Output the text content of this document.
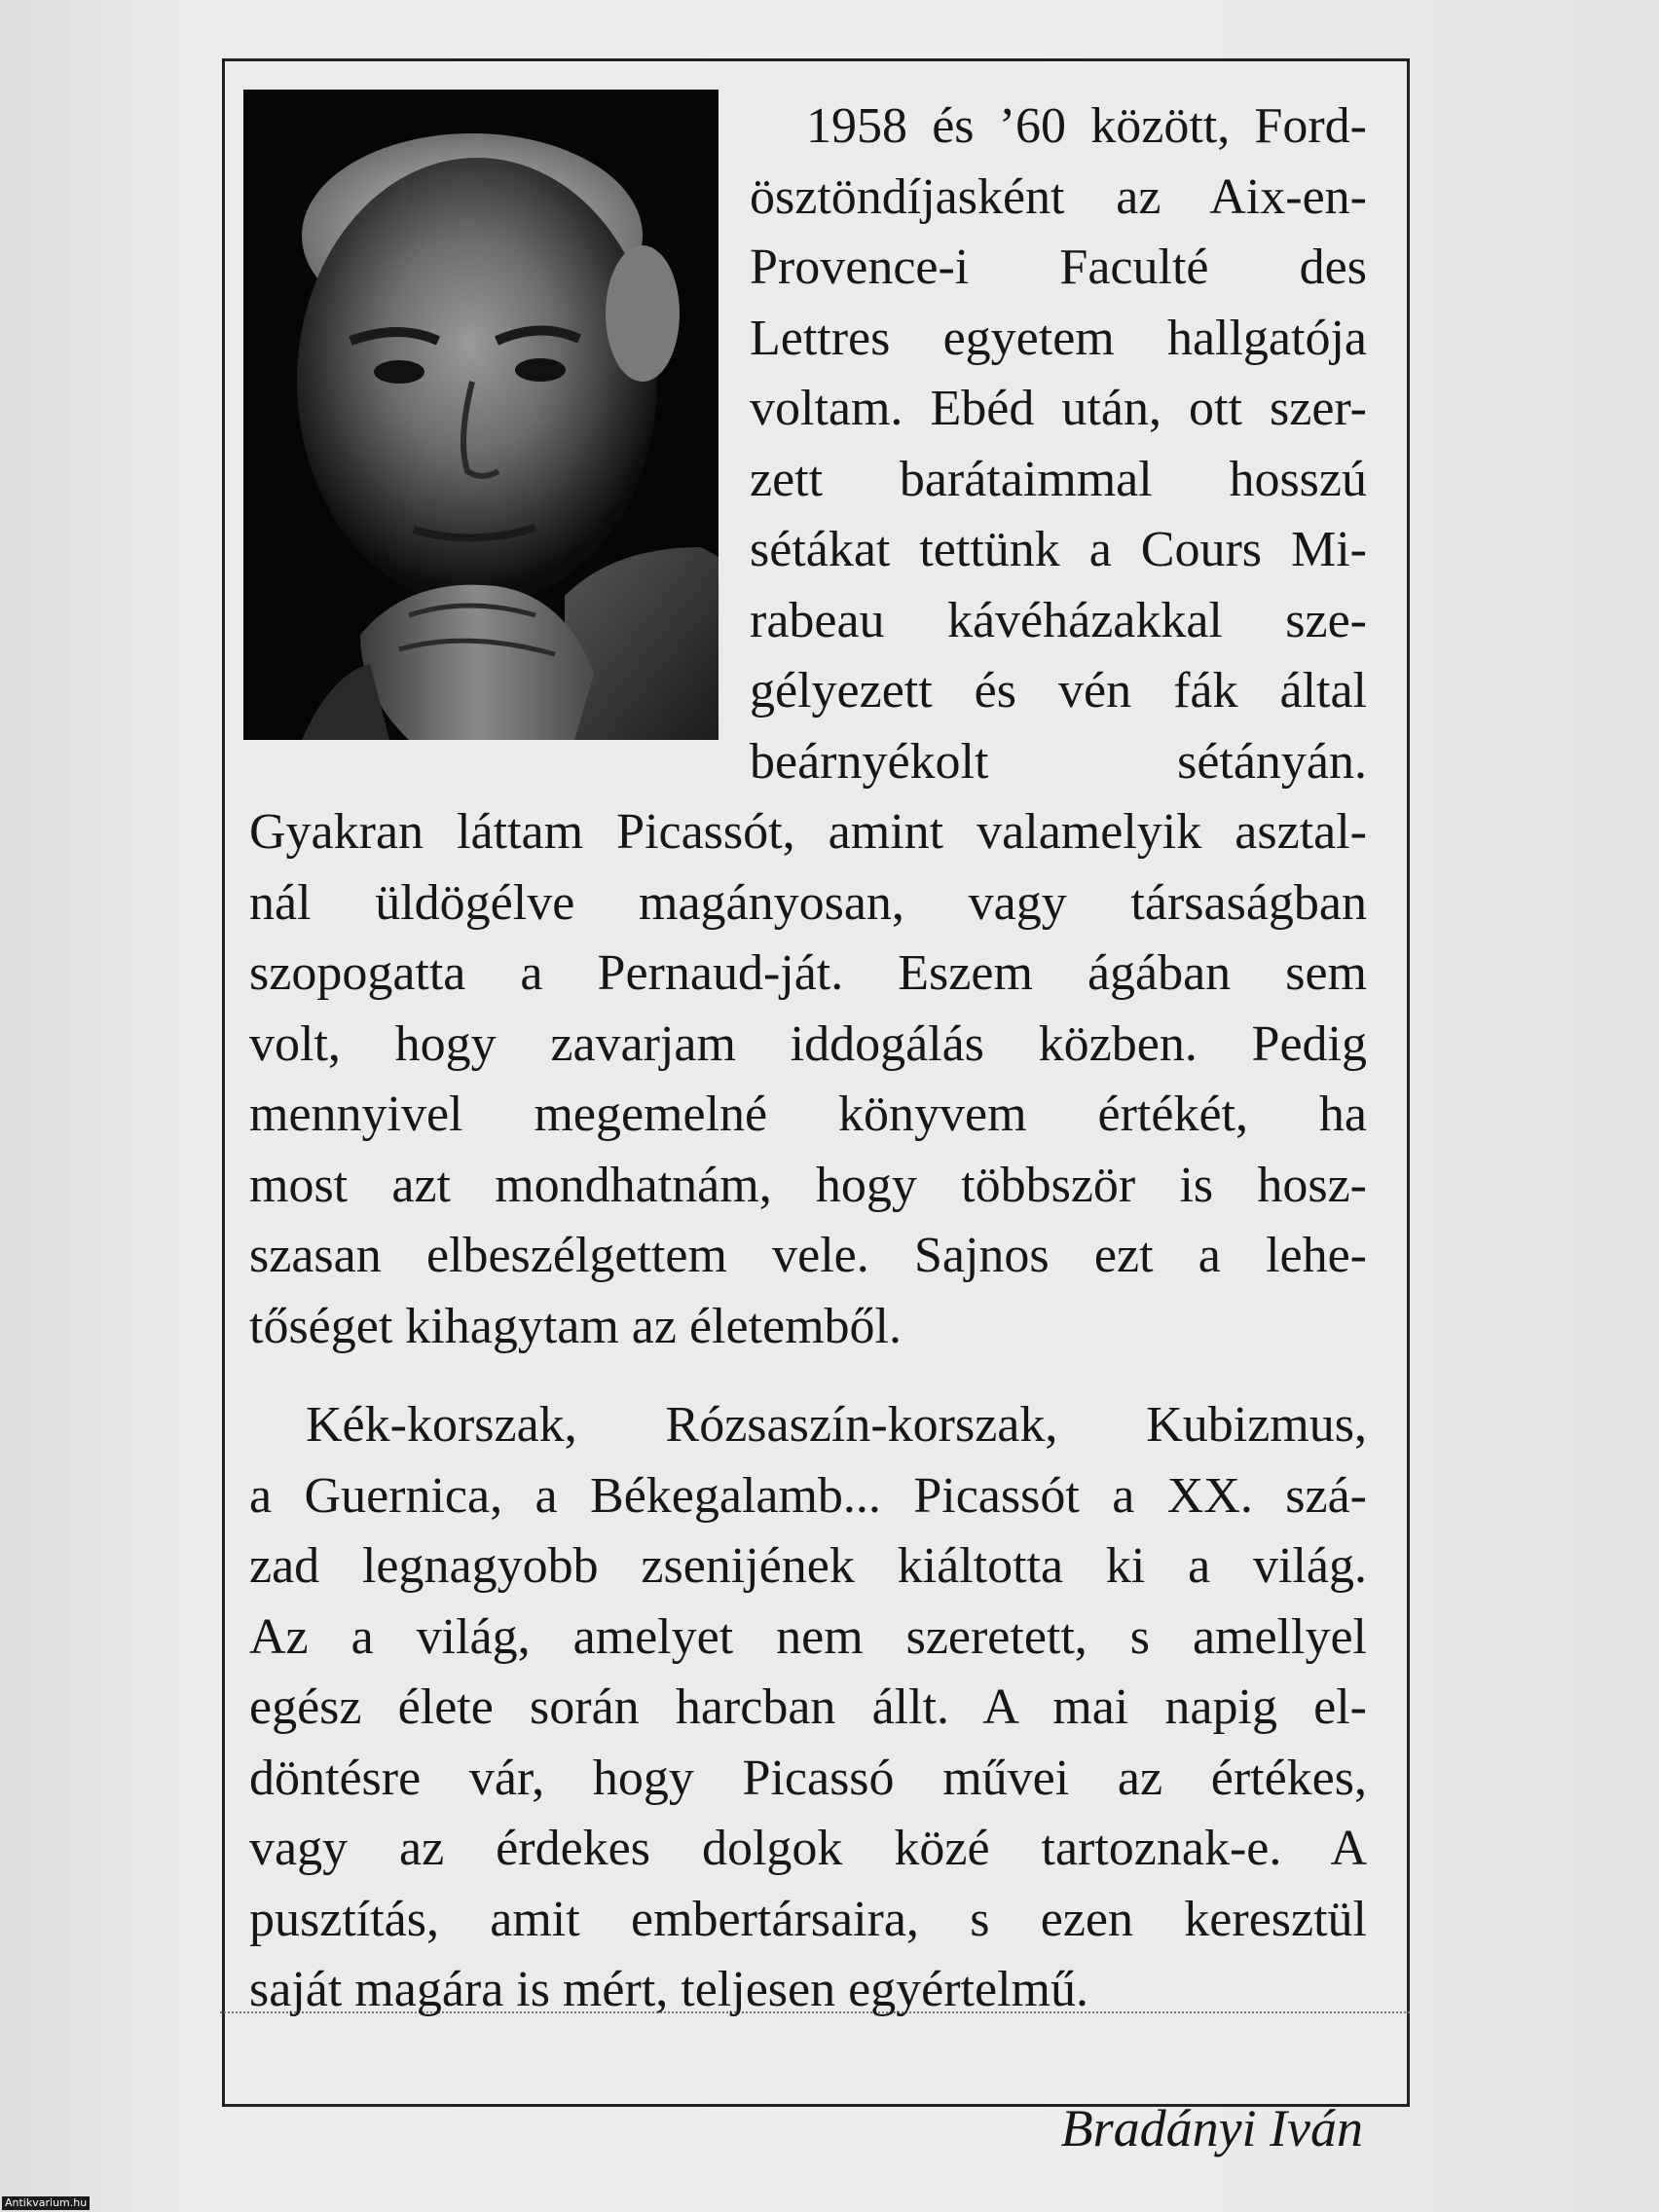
1958 és ’60 között, Ford-
ösztöndíjasként az Aix-en-
Provence-i Faculté des
Lettres egyetem hallgatója
voltam. Ebéd után, ott szer-
zett barátaimmal hosszú
sétákat tettünk a Cours Mi-
rabeau kávéházakkal sze-
gélyezett és vén fák által
beárnyékolt sétányán.
Gyakran láttam Picassót, amint valamelyik asztal-
nál üldögélve magányosan, vagy társaságban
szopogatta a Pernaud-ját. Eszem ágában sem
volt, hogy zavarjam iddogálás közben. Pedig
mennyivel megemelné könyvem értékét, ha
most azt mondhatnám, hogy többször is hosz-
szasan elbeszélgettem vele. Sajnos ezt a lehe-
tőséget kihagytam az életemből.
Kék-korszak, Rózsaszín-korszak, Kubizmus,
a Guernica, a Békegalamb... Picassót a XX. szá-
zad legnagyobb zsenijének kiáltotta ki a világ.
Az a világ, amelyet nem szeretett, s amellyel
egész élete során harcban állt. A mai napig el-
döntésre vár, hogy Picassó művei az értékes,
vagy az érdekes dolgok közé tartoznak-e. A
pusztítás, amit embertársaira, s ezen keresztül
saját magára is mért, teljesen egyértelmű.
Bradányi Iván
Antikvarium.hu
